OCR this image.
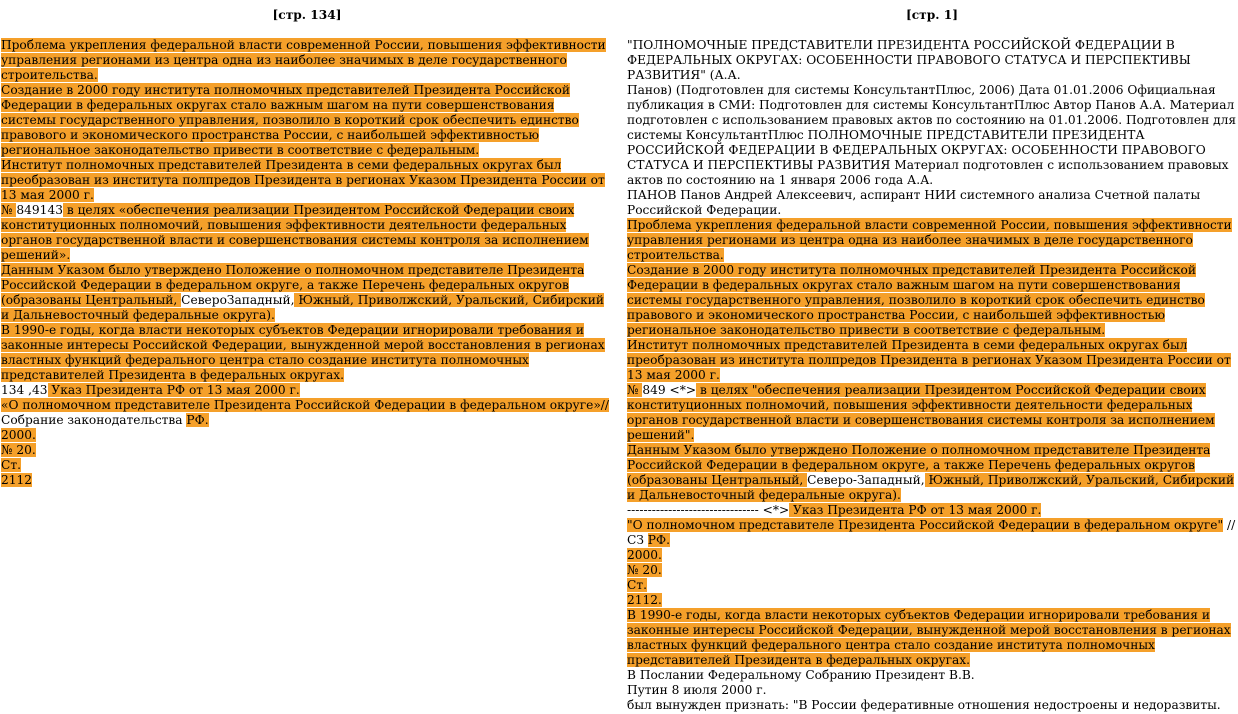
[стр. 134]

Проблема укрепления федеральной власти современной России, повышения эффективности управления регионами из центра одна из наиболее значимых в деле государственного строительства.

Создание в 2000 году института полномочных представителей Президента Российской Федерации в федеральных округах стало важным шагом на пути совершенствования системы государственного управления, позволило в короткий срок обеспечить единство правового и экономического пространства России, с наибольшей эффективностью региональное законодательство привести в соответствие с федеральным.

Институт полномочных представителей Президента в семи федеральных округах был преобразован из института полпредов Президента в регионах Указом Президента России от 13 мая 2000 г.

№ 849143 в целях «обеспечения реализации Президентом Российской Федерации своих конституционных полномочий, повышения эффективности деятельности федеральных органов государственной власти и совершенствования системы контроля за исполнением решений».

Данным Указом было утверждено Положение о полномочном представителе Президента Российской Федерации в федеральном округе, а также Перечень федеральных округов (образованы Центральный, СевероЗападный, Южный, Приволжский, Уральский, Сибирский и Дальневосточный федеральные округа).

В 1990-е годы, когда власти некоторых субъектов Федерации игнорировали требования и законные интересы Российской Федерации, вынужденной мерой восстановления в регионах властных функций федерального центра стало создание института полномочных представителей Президента в федеральных округах.

134 ,43 Указ Президента РФ от 13 мая 2000 г.

«О полномочном представителе Президента Российской Федерации в федеральном округе»//

Собрание законодательства РФ.

2000.

№ 20.

Ст.

2112

[стр. 1]

"ПОЛНОМОЧНЫЕ ПРЕДСТАВИТЕЛИ ПРЕЗИДЕНТА РОССИЙСКОЙ ФЕДЕРАЦИИ В ФЕДЕРАЛЬНЫХ ОКРУГАХ: ОСОБЕННОСТИ ПРАВОВОГО СТАТУСА И ПЕРСПЕКТИВЫ РАЗВИТИЯ" (А.А.

Панов) (Подготовлен для системы КонсультантПлюс, 2006) Дата 01.01.2006 Официальная публикация в СМИ: Подготовлен для системы КонсультантПлюс Автор Панов А.А. Материал подготовлен с использованием правовых актов по состоянию на 01.01.2006. Подготовлен для системы КонсультантПлюс ПОЛНОМОЧНЫЕ ПРЕДСТАВИТЕЛИ ПРЕЗИДЕНТА РОССИЙСКОЙ ФЕДЕРАЦИИ В ФЕДЕРАЛЬНЫХ ОКРУГАХ: ОСОБЕННОСТИ ПРАВОВОГО СТАТУСА И ПЕРСПЕКТИВЫ РАЗВИТИЯ Материал подготовлен с использованием правовых актов по состоянию на 1 января 2006 года А.А.

ПАНОВ Панов Андрей Алексеевич, аспирант НИИ системного анализа Счетной палаты Российской Федерации.

Проблема укрепления федеральной власти современной России, повышения эффективности управления регионами из центра одна из наиболее значимых в деле государственного строительства.

Создание в 2000 году института полномочных представителей Президента Российской Федерации в федеральных округах стало важным шагом на пути совершенствования системы государственного управления, позволило в короткий срок обеспечить единство правового и экономического пространства России, с наибольшей эффективностью региональное законодательство привести в соответствие с федеральным.

Институт полномочных представителей Президента в семи федеральных округах был преобразован из института полпредов Президента в регионах Указом Президента России от 13 мая 2000 г.

№ 849 <*> в целях "обеспечения реализации Президентом Российской Федерации своих конституционных полномочий, повышения эффективности деятельности федеральных органов государственной власти и совершенствования системы контроля за исполнением решений".

Данным Указом было утверждено Положение о полномочном представителе Президента Российской Федерации в федеральном округе, а также Перечень федеральных округов (образованы Центральный, Северо-Западный, Южный, Приволжский, Уральский, Сибирский и Дальневосточный федеральные округа).

-------------------------------- <*> Указ Президента РФ от 13 мая 2000 г.

"О полномочном представителе Президента Российской Федерации в федеральном округе" //

СЗ РФ.

2000.

№ 20.

Ст.

2112.

В 1990-е годы, когда власти некоторых субъектов Федерации игнорировали требования и законные интересы Российской Федерации, вынужденной мерой восстановления в регионах властных функций федерального центра стало создание института полномочных представителей Президента в федеральных округах.

В Послании Федеральному Собранию Президент В.В.

Путин 8 июля 2000 г.

был вынужден признать: "В России федеративные отношения недостроены и недоразвиты.
